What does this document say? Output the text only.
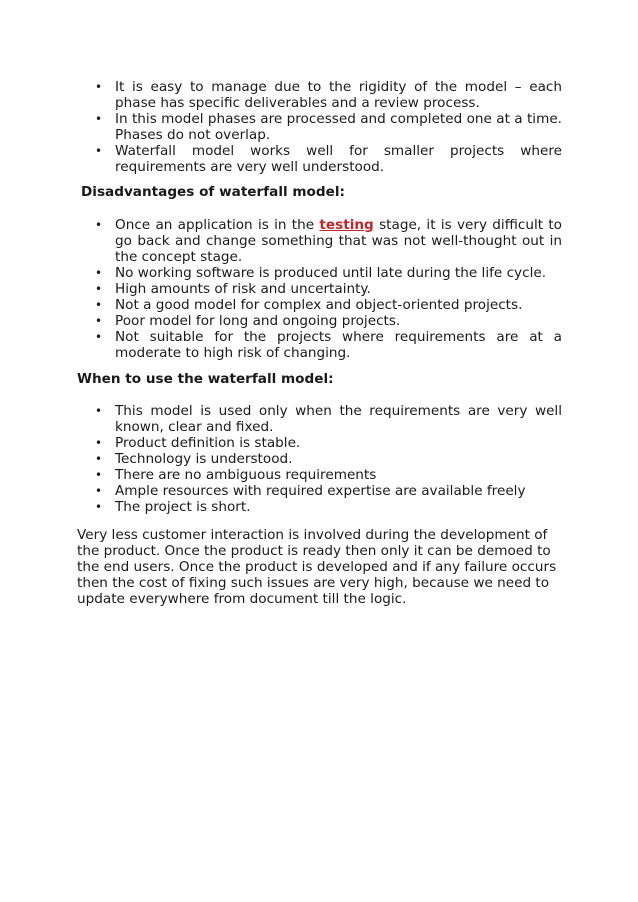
• It is easy to manage due to the rigidity of the model – each phase has specific deliverables and a review process.
• In this model phases are processed and completed one at a time. Phases do not overlap.
• Waterfall model works well for smaller projects where requirements are very well understood.
Disadvantages of waterfall model:
• Once an application is in the testing stage, it is very difficult to go back and change something that was not well-thought out in the concept stage.
• No working software is produced until late during the life cycle.
• High amounts of risk and uncertainty.
• Not a good model for complex and object-oriented projects.
• Poor model for long and ongoing projects.
• Not suitable for the projects where requirements are at a moderate to high risk of changing.
When to use the waterfall model:
• This model is used only when the requirements are very well known, clear and fixed.
• Product definition is stable.
• Technology is understood.
• There are no ambiguous requirements
• Ample resources with required expertise are available freely
• The project is short.

Very less customer interaction is involved during the development of the product. Once the product is ready then only it can be demoed to the end users. Once the product is developed and if any failure occurs then the cost of fixing such issues are very high, because we need to update everywhere from document till the logic.
